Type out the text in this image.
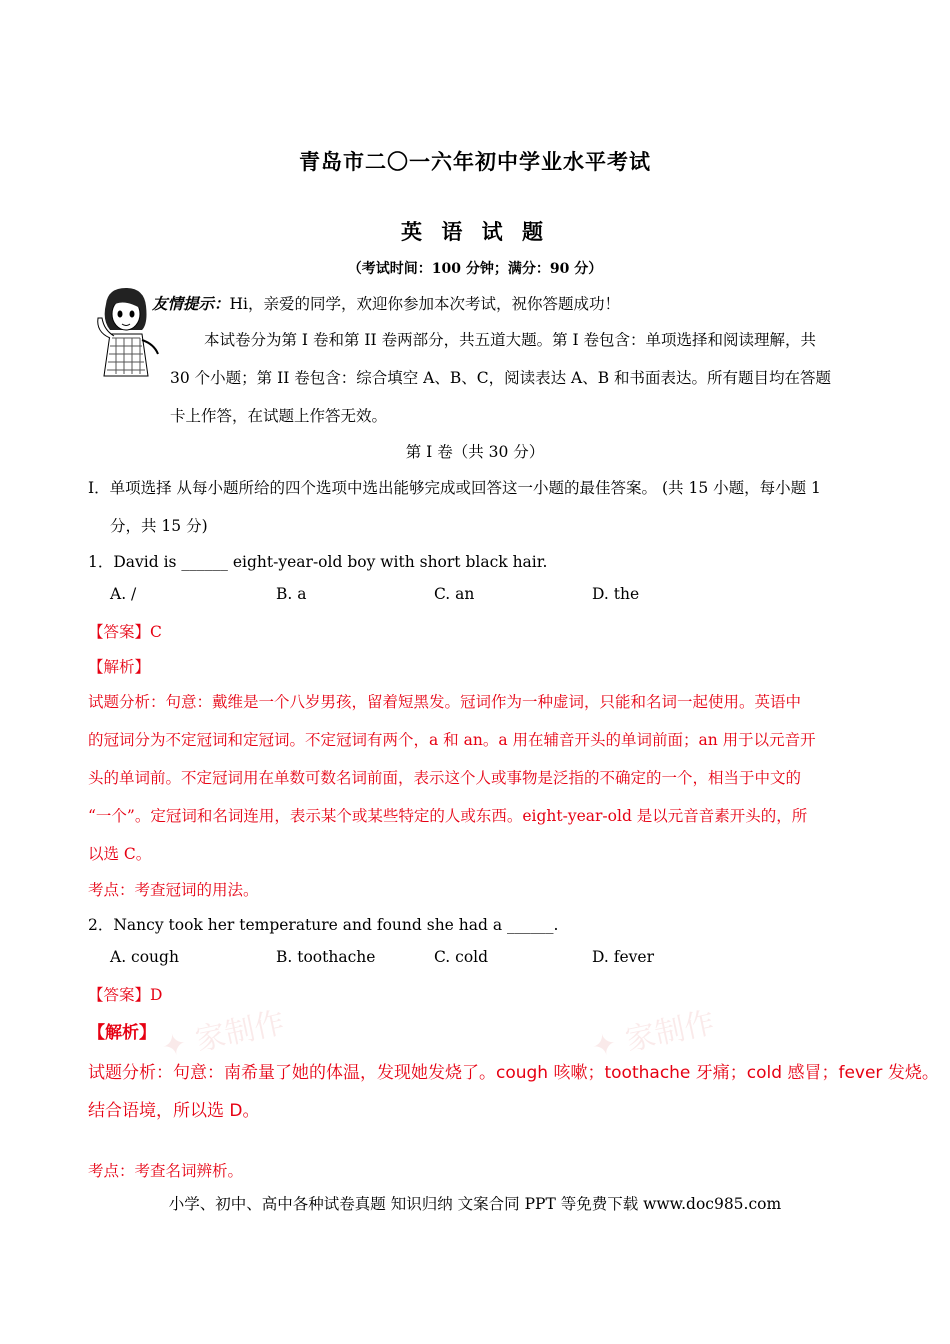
青岛市二〇一六年初中学业水平考试
英 语 试 题
（考试时间：100 分钟；满分：90 分）
友情提示：Hi，亲爱的同学，欢迎你参加本次考试，祝你答题成功！
本试卷分为第 I 卷和第 II 卷两部分，共五道大题。第 I 卷包含：单项选择和阅读理解，共
30 个小题；第 II 卷包含：综合填空 A、B、C，阅读表达 A、B 和书面表达。所有题目均在答题
卡上作答，在试题上作答无效。
第 I 卷（共 30 分）
I．单项选择 从每小题所给的四个选项中选出能够完成或回答这一小题的最佳答案。 (共 15 小题，每小题 1
分，共 15 分)
1．David is ______ eight-year-old boy with short black hair.
A. /	B. a	C. an	D. the
【答案】C
【解析】
试题分析：句意：戴维是一个八岁男孩，留着短黑发。冠词作为一种虚词，只能和名词一起使用。英语中
的冠词分为不定冠词和定冠词。不定冠词有两个，a 和 an。a 用在辅音开头的单词前面；an 用于以元音开
头的单词前。不定冠词用在单数可数名词前面，表示这个人或事物是泛指的不确定的一个，相当于中文的
“一个”。定冠词和名词连用，表示某个或某些特定的人或东西。eight-year-old 是以元音音素开头的，所
以选 C。
考点：考查冠词的用法。
2．Nancy took her temperature and found she had a ______.
A. cough	B. toothache	C. cold	D. fever
【答案】D
✦ 家制作	✦ 家制作
【解析】
试题分析：句意：南希量了她的体温，发现她发烧了。cough 咳嗽；toothache 牙痛；cold 感冒；fever 发烧。
结合语境，所以选 D。
考点：考查名词辨析。
小学、初中、高中各种试卷真题 知识归纳 文案合同 PPT 等免费下载 www.doc985.com
